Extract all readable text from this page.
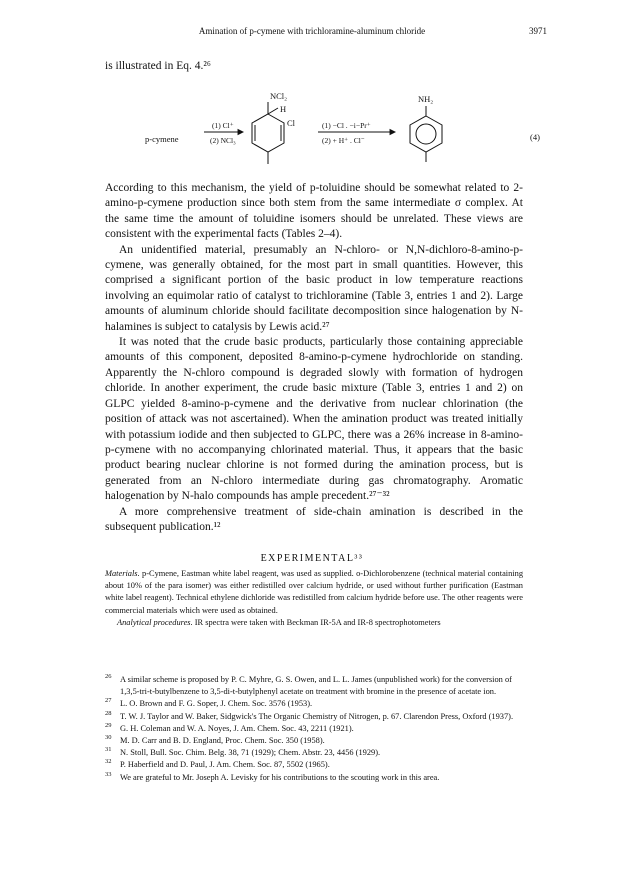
Amination of p-cymene with trichloramine-aluminum chloride	3971
is illustrated in Eq. 4.²⁶
p-cymene
(1) Cl⁺
(2) NCl₃
NCl₂
H
Cl	(1) −Cl . −i−Pr⁺
(2) + H⁺ . Cl⁻
NH₂
(4)

According to this mechanism, the yield of p-toluidine should be somewhat related to 2-amino-p-cymene production since both stem from the same intermediate σ complex. At the same time the amount of toluidine isomers should be unrelated. These views are consistent with the experimental facts (Tables 2–4).

An unidentified material, presumably an N-chloro- or N,N-dichloro-8-amino-p-cymene, was generally obtained, for the most part in small quantities. However, this comprised a significant portion of the basic product in low temperature reactions involving an equimolar ratio of catalyst to trichloramine (Table 3, entries 1 and 2). Large amounts of aluminum chloride should facilitate decomposition since halogenation by N-halamines is subject to catalysis by Lewis acid.²⁷

It was noted that the crude basic products, particularly those containing appreciable amounts of this component, deposited 8-amino-p-cymene hydrochloride on standing. Apparently the N-chloro compound is degraded slowly with formation of hydrogen chloride. In another experiment, the crude basic mixture (Table 3, entries 1 and 2) on GLPC yielded 8-amino-p-cymene and the derivative from nuclear chlorination (the position of attack was not ascertained). When the amination product was treated initially with potassium iodide and then subjected to GLPC, there was a 26% increase in 8-amino-p-cymene with no accompanying chlorinated material. Thus, it appears that the basic product bearing nuclear chlorine is not formed during the amination process, but is generated from an N-chloro intermediate during gas chromatography. Aromatic halogenation by N-halo compounds has ample precedent.²⁷⁻³²

A more comprehensive treatment of side-chain amination is described in the subsequent publication.¹²

EXPERIMENTAL³³

Materials. p-Cymene, Eastman white label reagent, was used as supplied. o-Dichlorobenzene (technical material containing about 10% of the para isomer) was either redistilled over calcium hydride, or used without further purification (Eastman white label reagent). Technical ethylene dichloride was redistilled from calcium hydride before use. The other reagents were commercial materials which were used as obtained.

Analytical procedures. IR spectra were taken with Beckman IR-5A and IR-8 spectrophotometers

26 A similar scheme is proposed by P. C. Myhre, G. S. Owen, and L. L. James (unpublished work) for the conversion of 1,3,5-tri-t-butylbenzene to 3,5-di-t-butylphenyl acetate on treatment with bromine in the presence of acetate ion.
27 L. O. Brown and F. G. Soper, J. Chem. Soc. 3576 (1953).
28 T. W. J. Taylor and W. Baker, Sidgwick's The Organic Chemistry of Nitrogen, p. 67. Clarendon Press, Oxford (1937).
29 G. H. Coleman and W. A. Noyes, J. Am. Chem. Soc. 43, 2211 (1921).
30 M. D. Carr and B. D. England, Proc. Chem. Soc. 350 (1958).
31 N. Stoll, Bull. Soc. Chim. Belg. 38, 71 (1929); Chem. Abstr. 23, 4456 (1929).
32 P. Haberfield and D. Paul, J. Am. Chem. Soc. 87, 5502 (1965).
33 We are grateful to Mr. Joseph A. Levisky for his contributions to the scouting work in this area.
